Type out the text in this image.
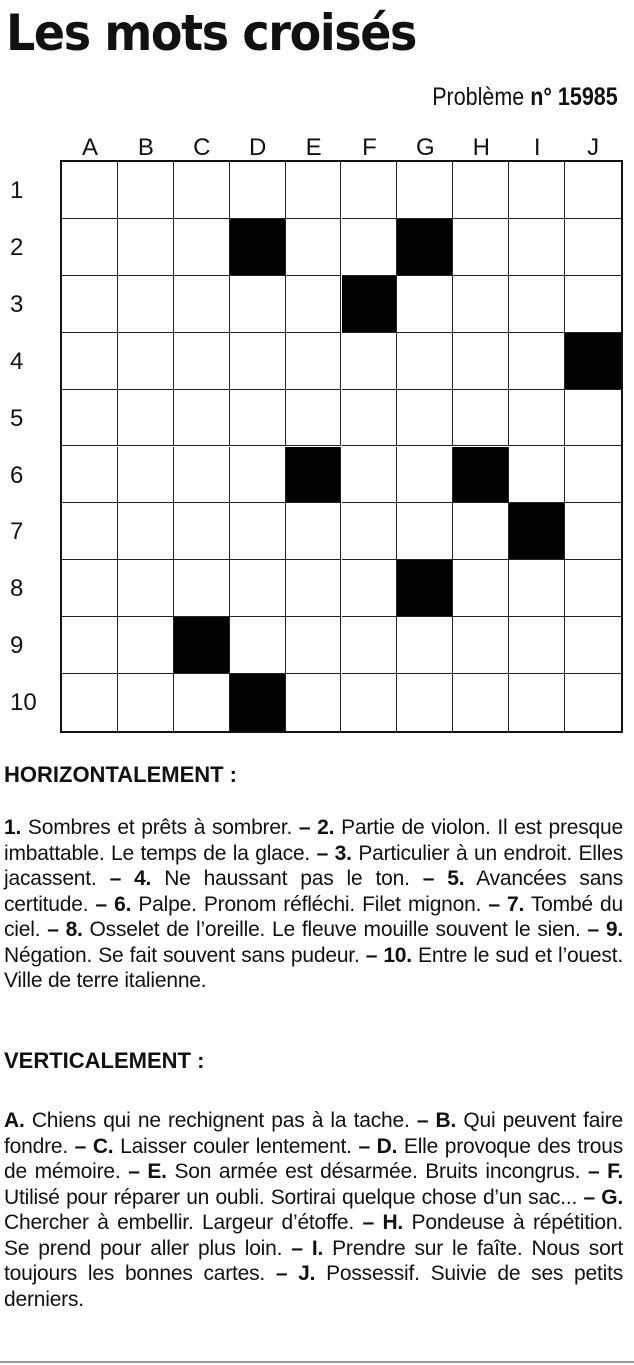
Les mots croisés
Problème n° 15985
A	B	C	D	E	F	G	H	I	J
1
2
3
4
5
6
7
8
9
10
HORIZONTALEMENT :
1. Sombres et prêts à sombrer. – 2. Partie de violon. Il est presque imbattable. Le temps de la glace. – 3. Particulier à un endroit. Elles jacassent. – 4. Ne haussant pas le ton. – 5. Avancées sans certitude. – 6. Palpe. Pronom réfléchi. Filet mignon. – 7. Tombé du ciel. – 8. Osselet de l’oreille. Le fleuve mouille souvent le sien. – 9. Négation. Se fait souvent sans pudeur. – 10. Entre le sud et l’ouest. Ville de terre italienne.
VERTICALEMENT :
A. Chiens qui ne rechignent pas à la tache. – B. Qui peuvent faire fondre. – C. Laisser couler lentement. – D. Elle provoque des trous de mémoire. – E. Son armée est désarmée. Bruits incongrus. – F. Utilisé pour réparer un oubli. Sortirai quelque chose d’un sac... – G. Chercher à embellir. Largeur d’étoffe. – H. Pondeuse à répétition. Se prend pour aller plus loin. – I. Prendre sur le faîte. Nous sort toujours les bonnes cartes. – J. Possessif. Suivie de ses petits derniers.
